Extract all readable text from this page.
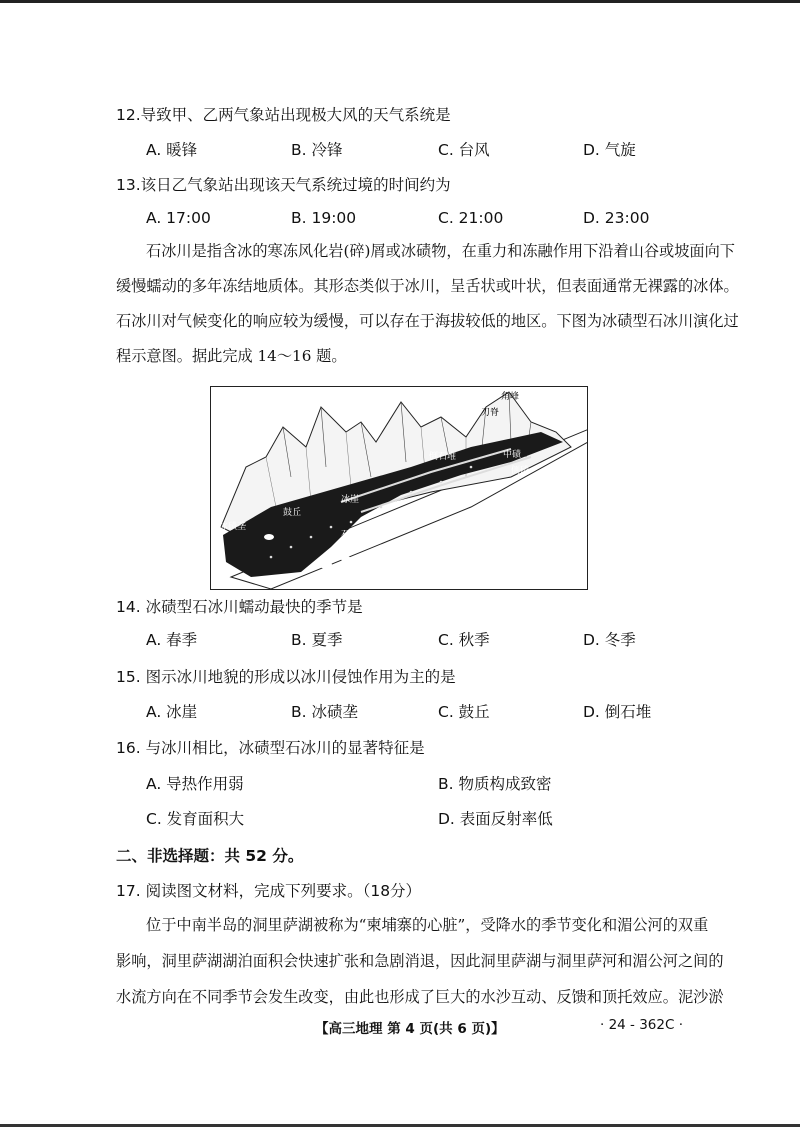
12.导致甲、乙两气象站出现极大风的天气系统是
A. 暖锋	B. 冷锋	C. 台风	D. 气旋
13.该日乙气象站出现该天气系统过境的时间约为
A. 17:00	B. 19:00	C. 21:00	D. 23:00
石冰川是指含冰的寒冻风化岩(碎)屑或冰碛物，在重力和冻融作用下沿着山谷或坡面向下
缓慢蠕动的多年冻结地质体。其形态类似于冰川，呈舌状或叶状，但表面通常无裸露的冰体。
石冰川对气候变化的响应较为缓慢，可以存在于海拔较低的地区。下图为冰碛型石冰川演化过
程示意图。据此完成 14～16 题。
角峰
刃脊
倒石堆	中碛
侧碛
冰崖
鼓丘
石冰川
冰碛垄
14. 冰碛型石冰川蠕动最快的季节是
A. 春季	B. 夏季	C. 秋季	D. 冬季
15. 图示冰川地貌的形成以冰川侵蚀作用为主的是
A. 冰崖	B. 冰碛垄	C. 鼓丘	D. 倒石堆
16. 与冰川相比，冰碛型石冰川的显著特征是
A. 导热作用弱	B. 物质构成致密
C. 发育面积大	D. 表面反射率低
二、非选择题：共 52 分。
17. 阅读图文材料，完成下列要求。（18分）
位于中南半岛的洞里萨湖被称为“柬埔寨的心脏”，受降水的季节变化和湄公河的双重
影响，洞里萨湖湖泊面积会快速扩张和急剧消退，因此洞里萨湖与洞里萨河和湄公河之间的
水流方向在不同季节会发生改变，由此也形成了巨大的水沙互动、反馈和顶托效应。泥沙淤
【高三地理 第 4 页(共 6 页)】	· 24 - 362C ·
